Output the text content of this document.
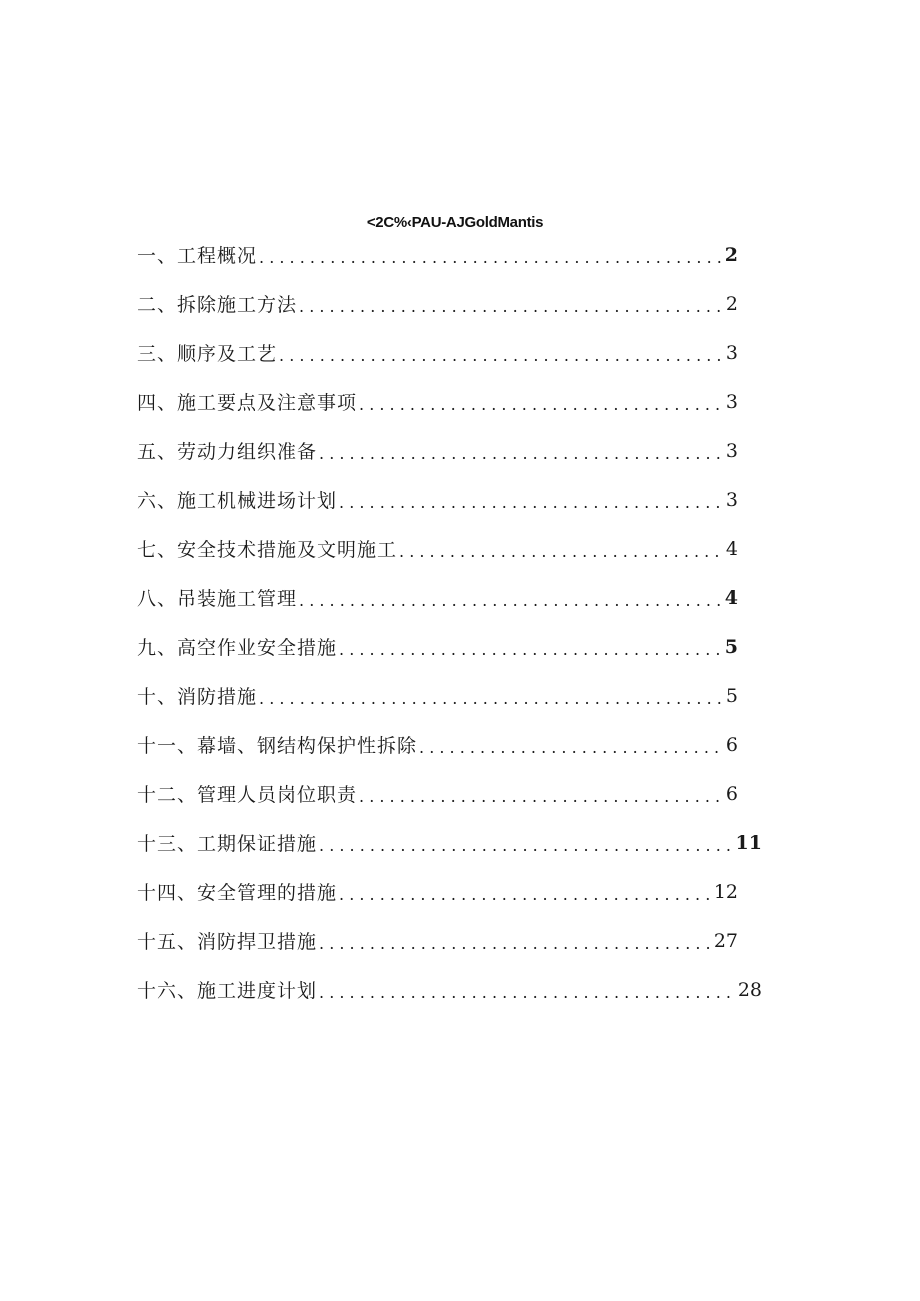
<2C%‹PAU-AJGoldMantis
一、工程概况 . . .	2
二、拆除施工方法 . . .	2
三、顺序及工艺 . . .	3
四、施工要点及注意事项 . . .	3
五、劳动力组织准备 . . .	3
六、施工机械进场计划 . . .	3
七、安全技术措施及文明施工 . . .	4
八、吊装施工管理 . . .	4
九、高空作业安全措施 . . .	5
十、消防措施 . . .	5
十一、幕墙、钢结构保护性拆除 . . .	6
十二、管理人员岗位职责 . . .	6
十三、工期保证措施 . . .	11
十四、安全管理的措施 . . .	12
十五、消防捍卫措施 . . .	27
十六、施工进度计划 . . .	28
